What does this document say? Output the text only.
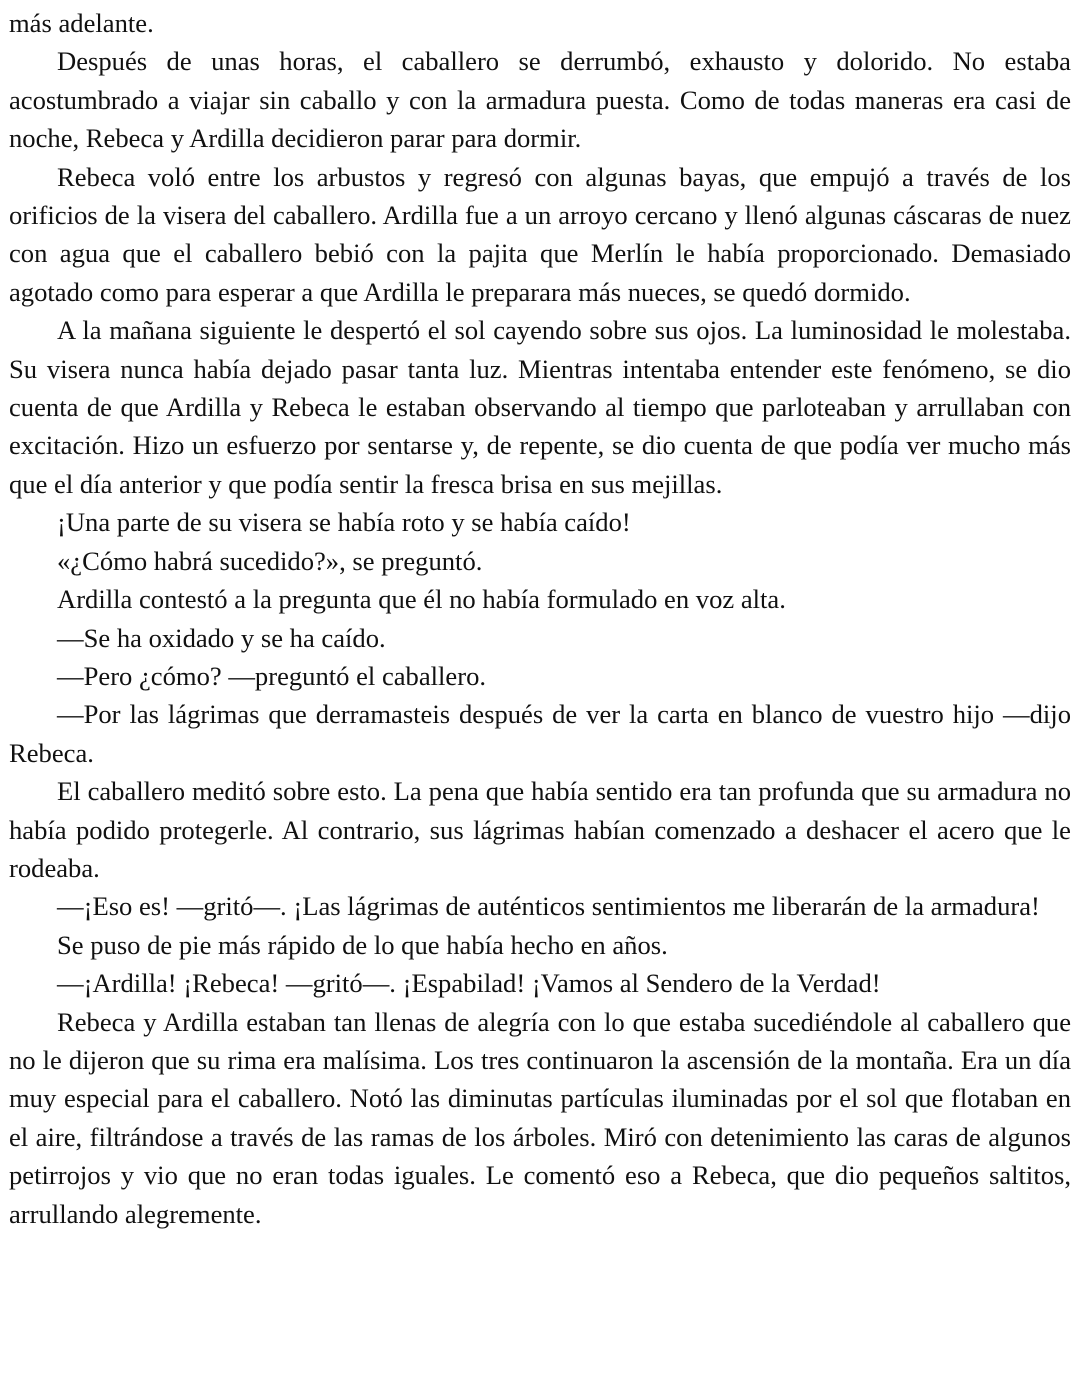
más adelante.

Después de unas horas, el caballero se derrumbó, exhausto y dolorido. No estaba acostumbrado a viajar sin caballo y con la armadura puesta. Como de todas maneras era casi de noche, Rebeca y Ardilla decidieron parar para dormir.

Rebeca voló entre los arbustos y regresó con algunas bayas, que empujó a través de los orificios de la visera del caballero. Ardilla fue a un arroyo cercano y llenó algunas cáscaras de nuez con agua que el caballero bebió con la pajita que Merlín le había proporcionado. Demasiado agotado como para esperar a que Ardilla le preparara más nueces, se quedó dormido.

A la mañana siguiente le despertó el sol cayendo sobre sus ojos. La luminosidad le molestaba. Su visera nunca había dejado pasar tanta luz. Mientras intentaba entender este fenómeno, se dio cuenta de que Ardilla y Rebeca le estaban observando al tiempo que parloteaban y arrullaban con excitación. Hizo un esfuerzo por sentarse y, de repente, se dio cuenta de que podía ver mucho más que el día anterior y que podía sentir la fresca brisa en sus mejillas.

¡Una parte de su visera se había roto y se había caído!

«¿Cómo habrá sucedido?», se preguntó.

Ardilla contestó a la pregunta que él no había formulado en voz alta.

—Se ha oxidado y se ha caído.

—Pero ¿cómo? —preguntó el caballero.

—Por las lágrimas que derramasteis después de ver la carta en blanco de vuestro hijo —dijo Rebeca.

El caballero meditó sobre esto. La pena que había sentido era tan profunda que su armadura no había podido protegerle. Al contrario, sus lágrimas habían comenzado a deshacer el acero que le rodeaba.

—¡Eso es! —gritó—. ¡Las lágrimas de auténticos sentimientos me liberarán de la armadura!

Se puso de pie más rápido de lo que había hecho en años.

—¡Ardilla! ¡Rebeca! —gritó—. ¡Espabilad! ¡Vamos al Sendero de la Verdad!

Rebeca y Ardilla estaban tan llenas de alegría con lo que estaba sucediéndole al caballero que no le dijeron que su rima era malísima. Los tres continuaron la ascensión de la montaña. Era un día muy especial para el caballero. Notó las diminutas partículas iluminadas por el sol que flotaban en el aire, filtrándose a través de las ramas de los árboles. Miró con detenimiento las caras de algunos petirrojos y vio que no eran todas iguales. Le comentó eso a Rebeca, que dio pequeños saltitos, arrullando alegremente.
